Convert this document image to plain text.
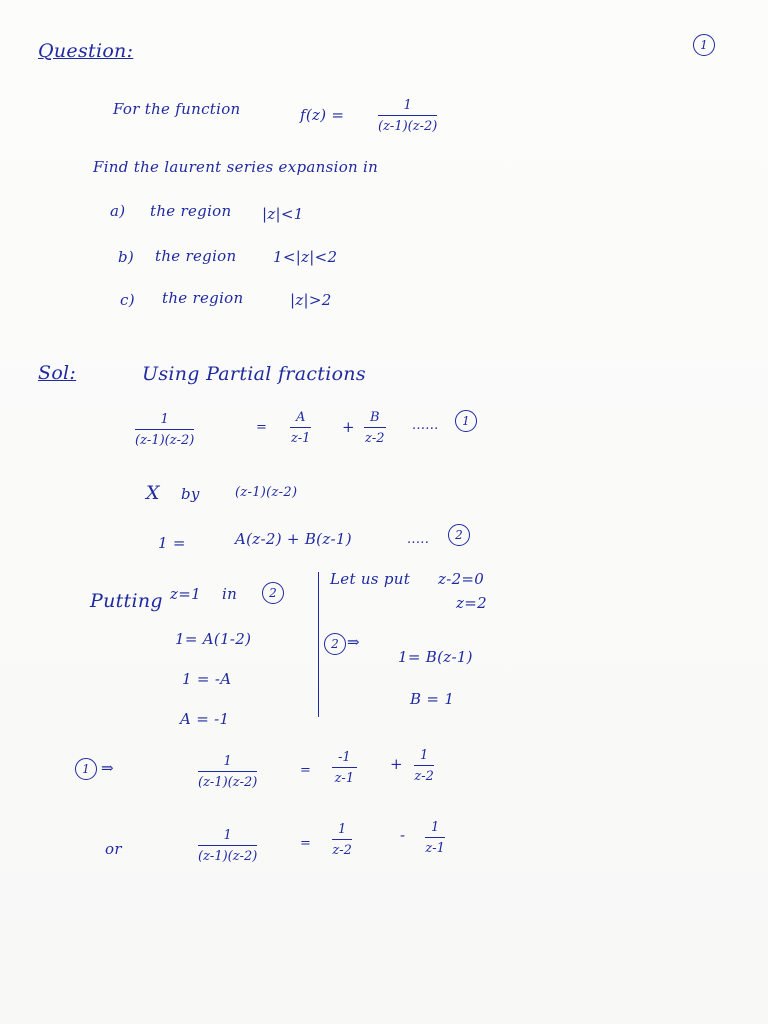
1
Question:
For the function	f(z) =
1
(z-1)(z-2)
Find the laurent series expansion in
a) the region |z|<1
b) the region 1<|z|<2
c) the region	|z|>2
Sol:	Using Partial fractions
1
(z-1)(z-2)
=
A
z-1
+
B
z-2
...... 1
X by	(z-1)(z-2)
1 =	A(z-2) + B(z-1)	..... 2
Putting z=1 in	2
1= A(1-2)
1 = -A
A = -1
Let us put z-2=0
z=2
2 ⇒
1= B(z-1)
B = 1
1 ⇒	1
(z-1)(z-2)
=
-1
z-1
+	1
z-2
or
1
(z-1)(z-2)
=
1
z-2
-	1
z-1
